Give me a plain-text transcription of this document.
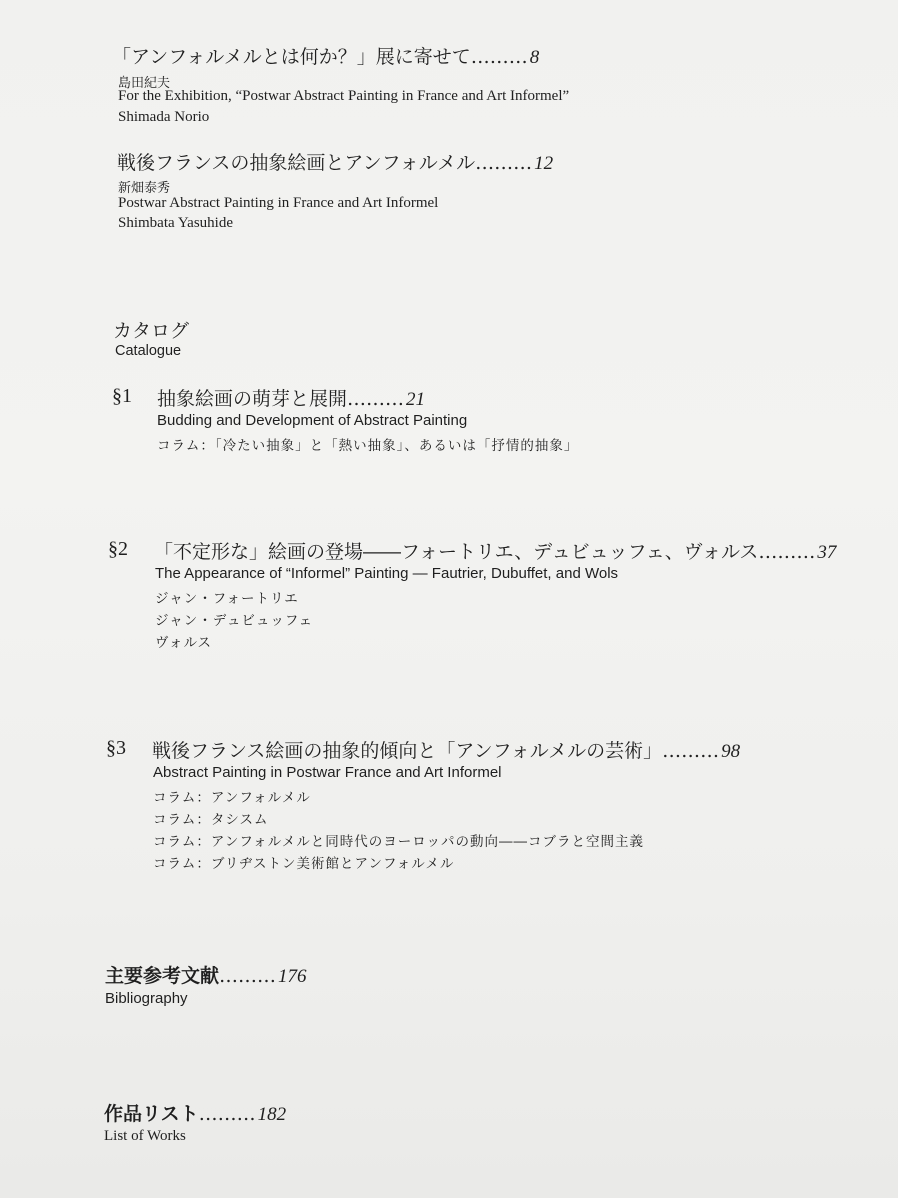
「アンフォルメルとは何か？」展に寄せて……… 8
島田紀夫
For the Exhibition, “Postwar Abstract Painting in France and Art Informel”
Shimada Norio
戦後フランスの抽象絵画とアンフォルメル……… 12
新畑泰秀
Postwar Abstract Painting in France and Art Informel
Shimbata Yasuhide
カタログ
Catalogue
§1 抽象絵画の萌芽と展開……… 21
Budding and Development of Abstract Painting
コラム：「冷たい抽象」と「熱い抽象」、あるいは「抒情的抽象」
§2 「不定形な」絵画の登場――フォートリエ、デュビュッフェ、ヴォルス……… 37
The Appearance of “Informel” Painting — Fautrier, Dubuffet, and Wols
ジャン・フォートリエ
ジャン・デュビュッフェ
ヴォルス
§3 戦後フランス絵画の抽象的傾向と「アンフォルメルの芸術」……… 98
Abstract Painting in Postwar France and Art Informel
コラム：アンフォルメル
コラム：タシスム
コラム：アンフォルメルと同時代のヨーロッパの動向――コブラと空間主義
コラム：ブリヂストン美術館とアンフォルメル
主要参考文献……… 176
Bibliography
作品リスト……… 182
List of Works
